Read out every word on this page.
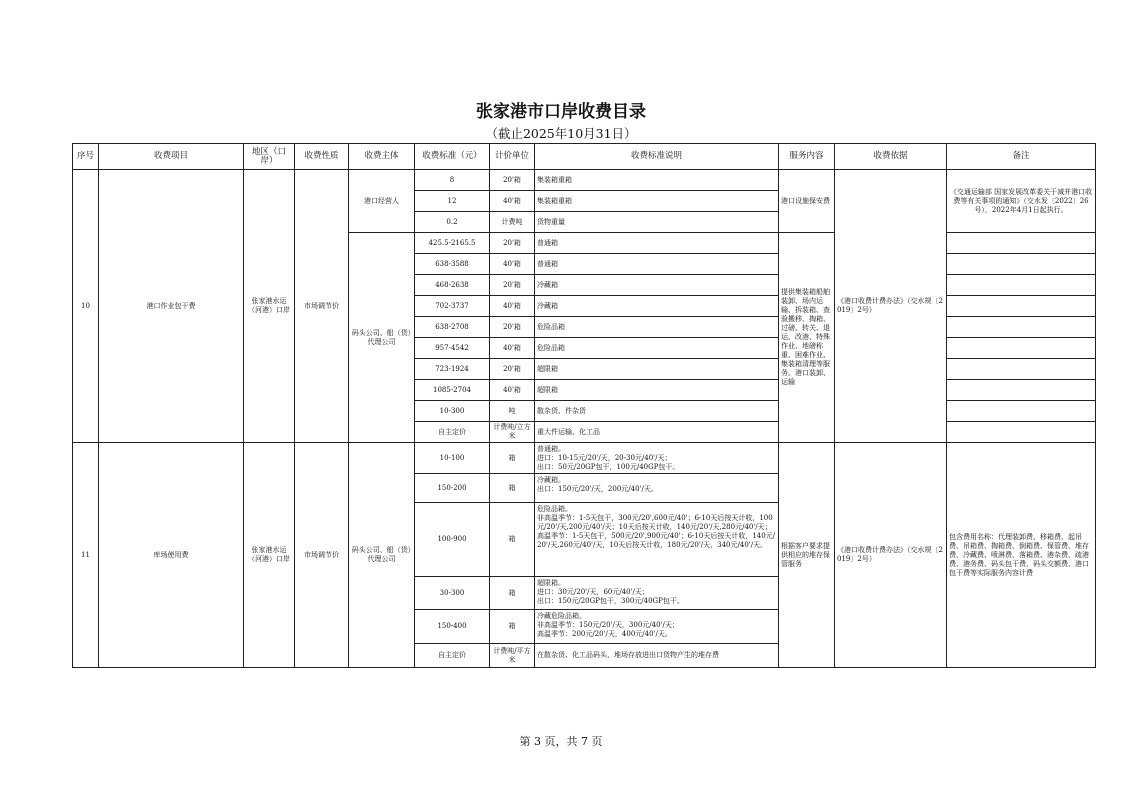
张家港市口岸收费目录
（截止2025年10月31日）
序号	收费项目	地区（口岸）	收费性质	收费主体	收费标准（元）	计价单位	收费标准说明	服务内容	收费依据	备注
10	港口作业包干费	张家港水运（河港）口岸	市场调节价	港口经营人	8	20'箱	集装箱重箱	港口设施保安费	《港口收费计费办法》（交水规〔2019〕2号）	《交通运输部 国家发展改革委关于减并港口收费等有关事项的通知》（交水发〔2022〕26号），2022年4月1日起执行。
					12	40'箱	集装箱重箱			
					0.2	计费吨	货物重量			
				码头公司、船（货）代理公司	425.5-2165.5	20'箱	普通箱	提供集装箱船舶装卸、场内运输、拆装箱、查验搬移、掏箱、过磅、转关、退运、改港、特殊作业、地磅称重、困难作业、集装箱清理等服务。港口装卸、运输		
					638-3588	40'箱	普通箱			
					468-2638	20'箱	冷藏箱			
					702-3737	40'箱	冷藏箱			
					638-2708	20'箱	危险品箱			
					957-4542	40'箱	危险品箱			
					723-1924	20'箱	超限箱			
					1085-2704	40'箱	超限箱			
					10-300	吨	散杂货、件杂货			
					自主定价	计费吨/立方米	重大件运输、化工品			
11	库场使用费	张家港水运（河港）口岸	市场调节价	码头公司、船（货）代理公司	10-100	箱	普通箱。
进口：10-15元/20'/天，20-30元/40'/天；
出口：50元/20GP包干，100元/40GP包干。	根据客户要求提供相应的堆存保管服务	《港口收费计费办法》（交水规〔2019〕2号）	包含费用名称：代理装卸费、移箱费、起吊费、吊箱费、掏箱费、倒箱费、保管费、堆存费、冷藏费、喷淋费、落箱费、港杂费、疏港费、港务费、码头包干费、码头交额费、港口包干费等实际服务内容计费
					150-200	箱	冷藏箱。
出口：150元/20'/天，200元/40'/天。			
					100-900	箱	危险品箱。
非高温季节：1-5天包干，300元/20',600元/40'；6-10天后按天计收，100元/20'/天,200元/40'/天；10天后按天计收，140元/20'/天,280元/40'/天；
高温季节：1-5天包干，500元/20',900元/40'；6-10天后按天计收，140元/20'/天,260元/40'/天，10天后按天计收，180元/20'/天，340元/40'/天。			
					30-300	箱	超限箱。
进口：30元/20'/天，60元/40'/天；
出口：150元/20GP包干，300元/40GP包干。			
					150-400	箱	冷藏危险品箱。
非高温季节：150元/20'/天，300元/40'/天；
高温季节：200元/20'/天，400元/40'/天。			
					自主定价	计费吨/平方米	在散杂货、化工品码头、堆场存放进出口货物产生的堆存费			
第 3 页，共 7 页
